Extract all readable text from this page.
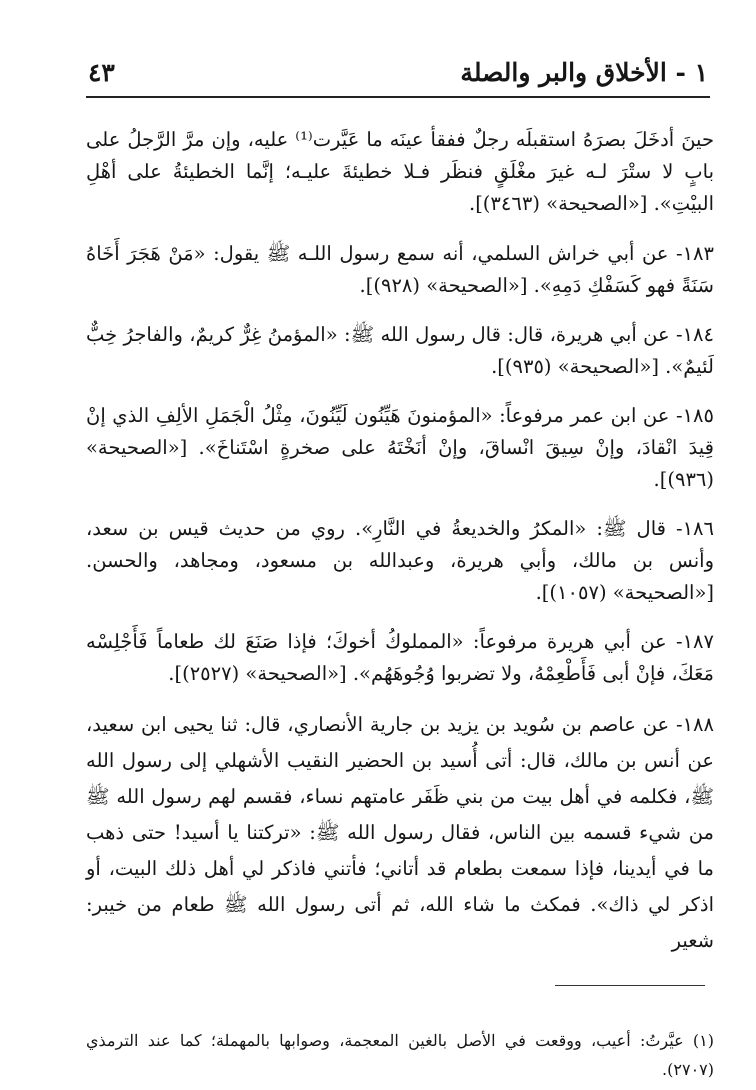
٤٣	١ - الأخلاق والبر والصلة

حينَ أدخَلَ بصرَهُ استقبلَه رجلٌ ففقأ عينَه ما عَيَّرت⁽¹⁾ عليه، وإن مرَّ الرَّجلُ على بابٍ لا ستْرَ لـه غيرَ مغْلَقٍ فنظَر فـلا خطيئةَ عليـه؛ إنَّما الخطيئةُ على أهْلِ البيْتِ». [«الصحيحة» (٣٤٦٣)].

١٨٣- عن أبي خراش السلمي، أنه سمع رسول اللـه ﷺ يقول: «مَنْ هَجَرَ أَخَاهُ سَنَةً فهو كَسَفْكِ دَمِهِ». [«الصحيحة» (٩٢٨)].

١٨٤- عن أبي هريرة، قال: قال رسول الله ﷺ: «المؤمنُ غِرٌّ كريمٌ، والفاجرُ خِبٌّ لَئيمٌ». [«الصحيحة» (٩٣٥)].

١٨٥- عن ابن عمر مرفوعاً: «المؤمنونَ هَيِّنُون لَيِّنُونَ، مِثْلُ الْجَمَلِ الألِفِ الذي إنْ قِيدَ انْقادَ، وإنْ سِيقَ انْساقَ، وإنْ أنَخْتَهُ على صخرةٍ اسْتَناخَ». [«الصحيحة» (٩٣٦)].

١٨٦- قال ﷺ: «المكرُ والخديعةُ في النَّارِ». روي من حديث قيس بن سعد، وأنس بن مالك، وأبي هريرة، وعبدالله بن مسعود، ومجاهد، والحسن. [«الصحيحة» (١٠٥٧)].

١٨٧- عن أبي هريرة مرفوعاً: «المملوكُ أخوكَ؛ فإذا صَنَعَ لك طعاماً فَأَجْلِسْه مَعَكَ، فإنْ أبى فَأَطْعِمْهُ، ولا تضربوا وُجُوهَهُم». [«الصحيحة» (٢٥٢٧)].

١٨٨- عن عاصم بن سُويد بن يزيد بن جارية الأنصاري، قال: ثنا يحيى ابن سعيد، عن أنس بن مالك، قال: أتى أُسيد بن الحضير النقيب الأشهلي إلى رسول الله ﷺ، فكلمه في أهل بيت من بني ظَفَر عامتهم نساء، فقسم لهم رسول الله ﷺ من شيء قسمه بين الناس، فقال رسول الله ﷺ: «تركتنا يا أسيد! حتى ذهب ما في أيدينا، فإذا سمعت بطعام قد أتاني؛ فأتني فاذكر لي أهل ذلك البيت، أو اذكر لي ذاك». فمكث ما شاء الله، ثم أتى رسول الله ﷺ طعام من خيبر: شعير

(١) عيَّرتُ: أعيب، ووقعت في الأصل بالغين المعجمة، وصوابها بالمهملة؛ كما عند الترمذي (٢٧٠٧).
